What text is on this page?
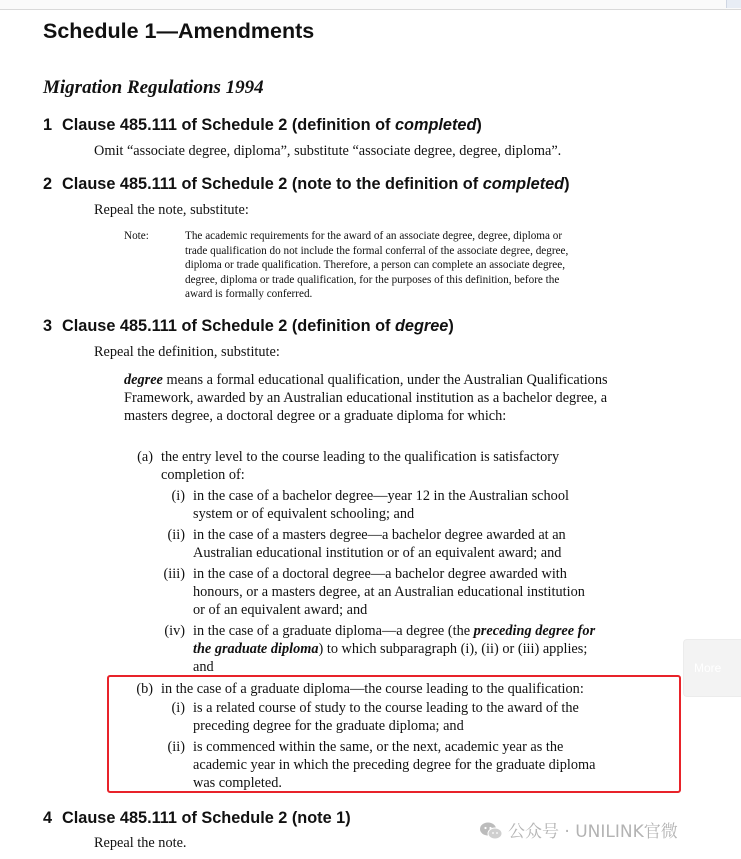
Schedule 1—Amendments
Migration Regulations 1994
1 Clause 485.111 of Schedule 2 (definition of completed)
Omit “associate degree, diploma”, substitute “associate degree, degree, diploma”.
2 Clause 485.111 of Schedule 2 (note to the definition of completed)
Repeal the note, substitute:
Note:	The academic requirements for the award of an associate degree, degree, diploma or
trade qualification do not include the formal conferral of the associate degree, degree,
diploma or trade qualification. Therefore, a person can complete an associate degree,
degree, diploma or trade qualification, for the purposes of this definition, before the
award is formally conferred.
3 Clause 485.111 of Schedule 2 (definition of degree)
Repeal the definition, substitute:
degree means a formal educational qualification, under the Australian Qualifications Framework, awarded by an Australian educational institution as a bachelor degree, a masters degree, a doctoral degree or a graduate diploma for which:
(a) the entry level to the course leading to the qualification is satisfactory
completion of:
(i) in the case of a bachelor degree—year 12 in the Australian school
system or of equivalent schooling; and
(ii) in the case of a masters degree—a bachelor degree awarded at an
Australian educational institution or of an equivalent award; and
(iii) in the case of a doctoral degree—a bachelor degree awarded with
honours, or a masters degree, at an Australian educational institution
or of an equivalent award; and
(iv) in the case of a graduate diploma—a degree (the preceding degree for
the graduate diploma) to which subparagraph (i), (ii) or (iii) applies;
and
(b) in the case of a graduate diploma—the course leading to the qualification:
(i) is a related course of study to the course leading to the award of the
preceding degree for the graduate diploma; and
(ii) is commenced within the same, or the next, academic year as the
academic year in which the preceding degree for the graduate diploma
was completed.
4 Clause 485.111 of Schedule 2 (note 1)
Repeal the note.
More
公众号 · UNILINK官微
